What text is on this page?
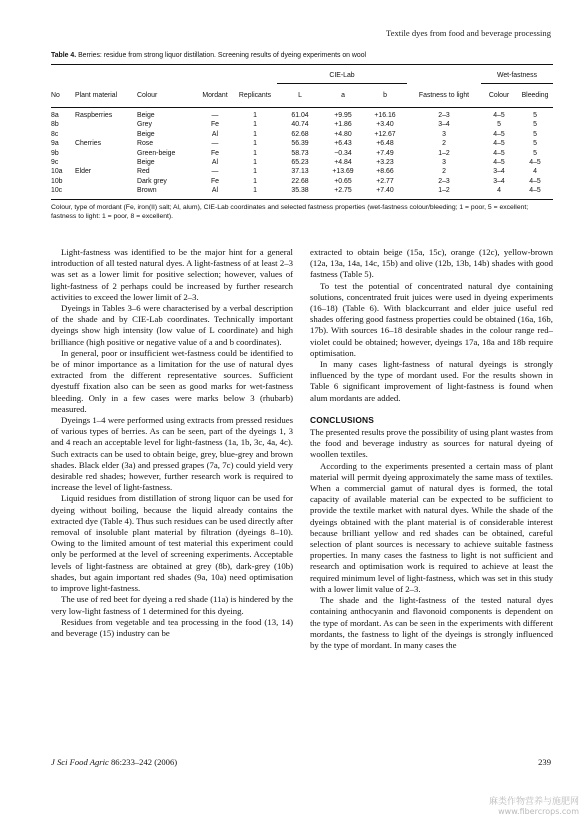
Textile dyes from food and beverage processing
Table 4. Berries: residue from strong liquor distillation. Screening results of dyeing experiments on wool
					CIE-Lab				Wet-fastness	
No	Plant material	Colour	Mordant	Replicants	L	a	b	Fastness to light	Colour	Bleeding
8a	Raspberries	Beige	—	1	61.04	+9.95	+16.16	2–3	4–5	5
8b		Grey	Fe	1	40.74	+1.86	+3.40	3–4	5	5
8c		Beige	Al	1	62.68	+4.80	+12.67	3	4–5	5
9a	Cherries	Rose	—	1	56.39	+6.43	+6.48	2	4–5	5
9b		Green-beige	Fe	1	58.73	−0.34	+7.49	1–2	4–5	5
9c		Beige	Al	1	65.23	+4.84	+3.23	3	4–5	4–5
10a	Elder	Red	—	1	37.13	+13.69	+8.66	2	3–4	4
10b		Dark grey	Fe	1	22.68	+0.65	+2.77	2–3	3–4	4–5
10c		Brown	Al	1	35.38	+2.75	+7.40	1–2	4	4–5
Colour, type of mordant (Fe, iron(II) salt; Al, alum), CIE-Lab coordinates and selected fastness properties (wet-fastness colour/bleeding; 1 = poor, 5 = excellent; fastness to light: 1 = poor, 8 = excellent).

Light-fastness was identified to be the major hint for a general introduction of all tested natural dyes. A light-fastness of at least 2–3 was set as a lower limit for positive selection; however, values of light-fastness of 2 perhaps could be increased by further research activities to exceed the lower limit of 2–3.

Dyeings in Tables 3–6 were characterised by a verbal description of the shade and by CIE-Lab coordinates. Technically important dyeings show high intensity (low value of L coordinate) and high brilliance (high positive or negative value of a and b coordinates).

In general, poor or insufficient wet-fastness could be identified to be of minor importance as a limitation for the use of natural dyes extracted from the different representative sources. Sufficient dyestuff fixation also can be seen as good marks for wet-fastness bleeding. Only in a few cases were marks below 3 (rhubarb) measured.

Dyeings 1–4 were performed using extracts from pressed residues of various types of berries. As can be seen, part of the dyeings 1, 3 and 4 reach an acceptable level for light-fastness (1a, 1b, 3c, 4a, 4c). Such extracts can be used to obtain beige, grey, blue-grey and brown shades. Black elder (3a) and pressed grapes (7a, 7c) could yield very desirable red shades; however, further research work is required to increase the level of light-fastness.

Liquid residues from distillation of strong liquor can be used for dyeing without boiling, because the liquid already contains the extracted dye (Table 4). Thus such residues can be used directly after removal of insoluble plant material by filtration (dyeings 8–10). Owing to the limited amount of test material this experiment could only be performed at the level of screening experiments. Acceptable levels of light-fastness are obtained at grey (8b), dark-grey (10b) shades, but again important red shades (9a, 10a) need optimisation to improve light-fastness.

The use of red beet for dyeing a red shade (11a) is hindered by the very low-light fastness of 1 determined for this dyeing.

Residues from vegetable and tea processing in the food (13, 14) and beverage (15) industry can be

extracted to obtain beige (15a, 15c), orange (12c), yellow-brown (12a, 13a, 14a, 14c, 15b) and olive (12b, 13b, 14b) shades with good fastness (Table 5).

To test the potential of concentrated natural dye containing solutions, concentrated fruit juices were used in dyeing experiments (16–18) (Table 6). With blackcurrant and elder juice useful red shades offering good fastness properties could be obtained (16a, 16b, 17b). With sources 16–18 desirable shades in the colour range red–violet could be obtained; however, dyeings 17a, 18a and 18b require optimisation.

In many cases light-fastness of natural dyeings is strongly influenced by the type of mordant used. For the results shown in Table 6 significant improvement of light-fastness is found when alum mordants are added.

CONCLUSIONS

The presented results prove the possibility of using plant wastes from the food and beverage industry as sources for natural dyeing of woollen textiles.

According to the experiments presented a certain mass of plant material will permit dyeing approximately the same mass of textiles. When a commercial gamut of natural dyes is formed, the total capacity of available material can be expected to be sufficient to provide the textile market with natural dyes. While the shade of the dyeings obtained with the plant material is of considerable interest because brilliant yellow and red shades can be obtained, careful selection of plant sources is necessary to achieve suitable fastness properties. In many cases the fastness to light is not sufficient and research and optimisation work is required to achieve at least the required minimum level of light-fastness, which was set in this study with a lower limit value of 2–3.

The shade and the light-fastness of the tested natural dyes containing anthocyanin and flavonoid components is dependent on the type of mordant. As can be seen in the experiments with different mordants, the fastness to light of the dyeings is strongly influenced by the type of mordant. In many cases the

J Sci Food Agric 86:233–242 (2006)	239
麻类作物营养与施肥网
www.fibercrops.com
